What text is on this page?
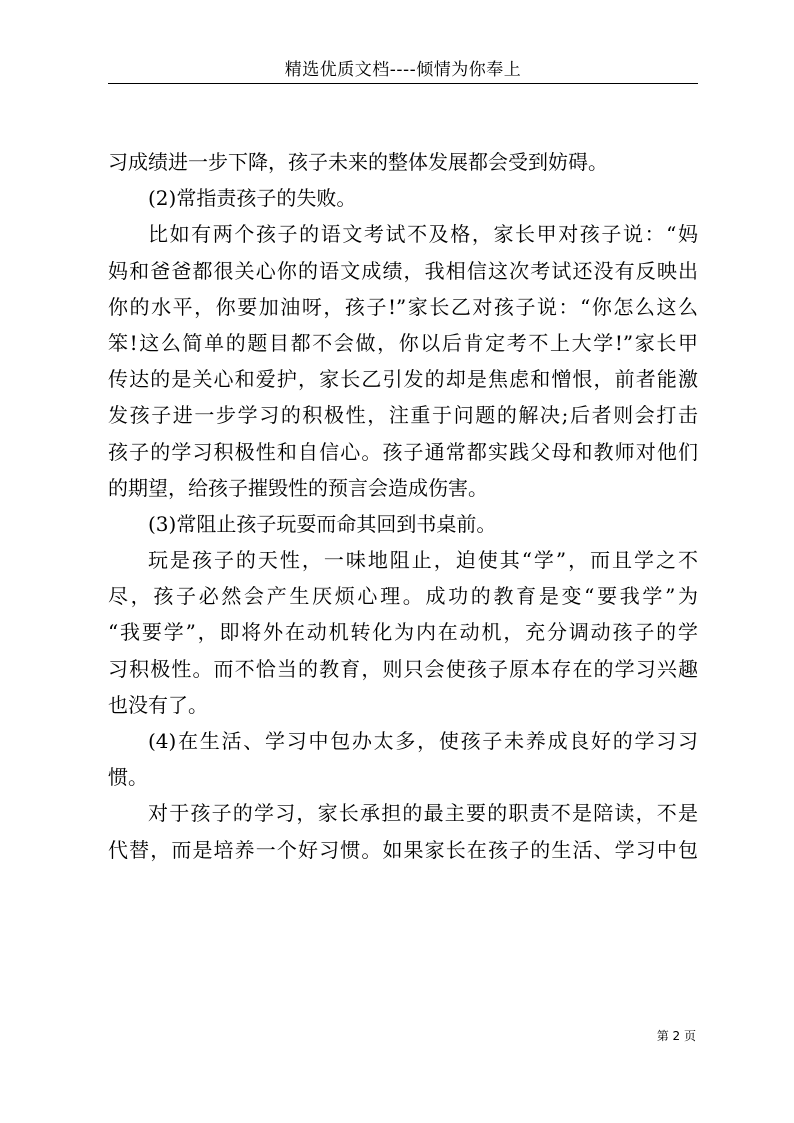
精选优质文档----倾情为你奉上
习成绩进一步下降，孩子未来的整体发展都会受到妨碍。
(2)常指责孩子的失败。
比如有两个孩子的语文考试不及格，家长甲对孩子说：“妈
妈和爸爸都很关心你的语文成绩，我相信这次考试还没有反映出
你的水平，你要加油呀，孩子!”家长乙对孩子说：“你怎么这么
笨!这么简单的题目都不会做，你以后肯定考不上大学!”家长甲
传达的是关心和爱护，家长乙引发的却是焦虑和憎恨，前者能激
发孩子进一步学习的积极性，注重于问题的解决;后者则会打击
孩子的学习积极性和自信心。孩子通常都实践父母和教师对他们
的期望，给孩子摧毁性的预言会造成伤害。
(3)常阻止孩子玩耍而命其回到书桌前。
玩是孩子的天性，一味地阻止，迫使其“学”，而且学之不
尽，孩子必然会产生厌烦心理。成功的教育是变“要我学”为
“我要学”，即将外在动机转化为内在动机，充分调动孩子的学
习积极性。而不恰当的教育，则只会使孩子原本存在的学习兴趣
也没有了。
(4)在生活、学习中包办太多，使孩子未养成良好的学习习
惯。
对于孩子的学习，家长承担的最主要的职责不是陪读，不是
代替，而是培养一个好习惯。如果家长在孩子的生活、学习中包
第 2 页
